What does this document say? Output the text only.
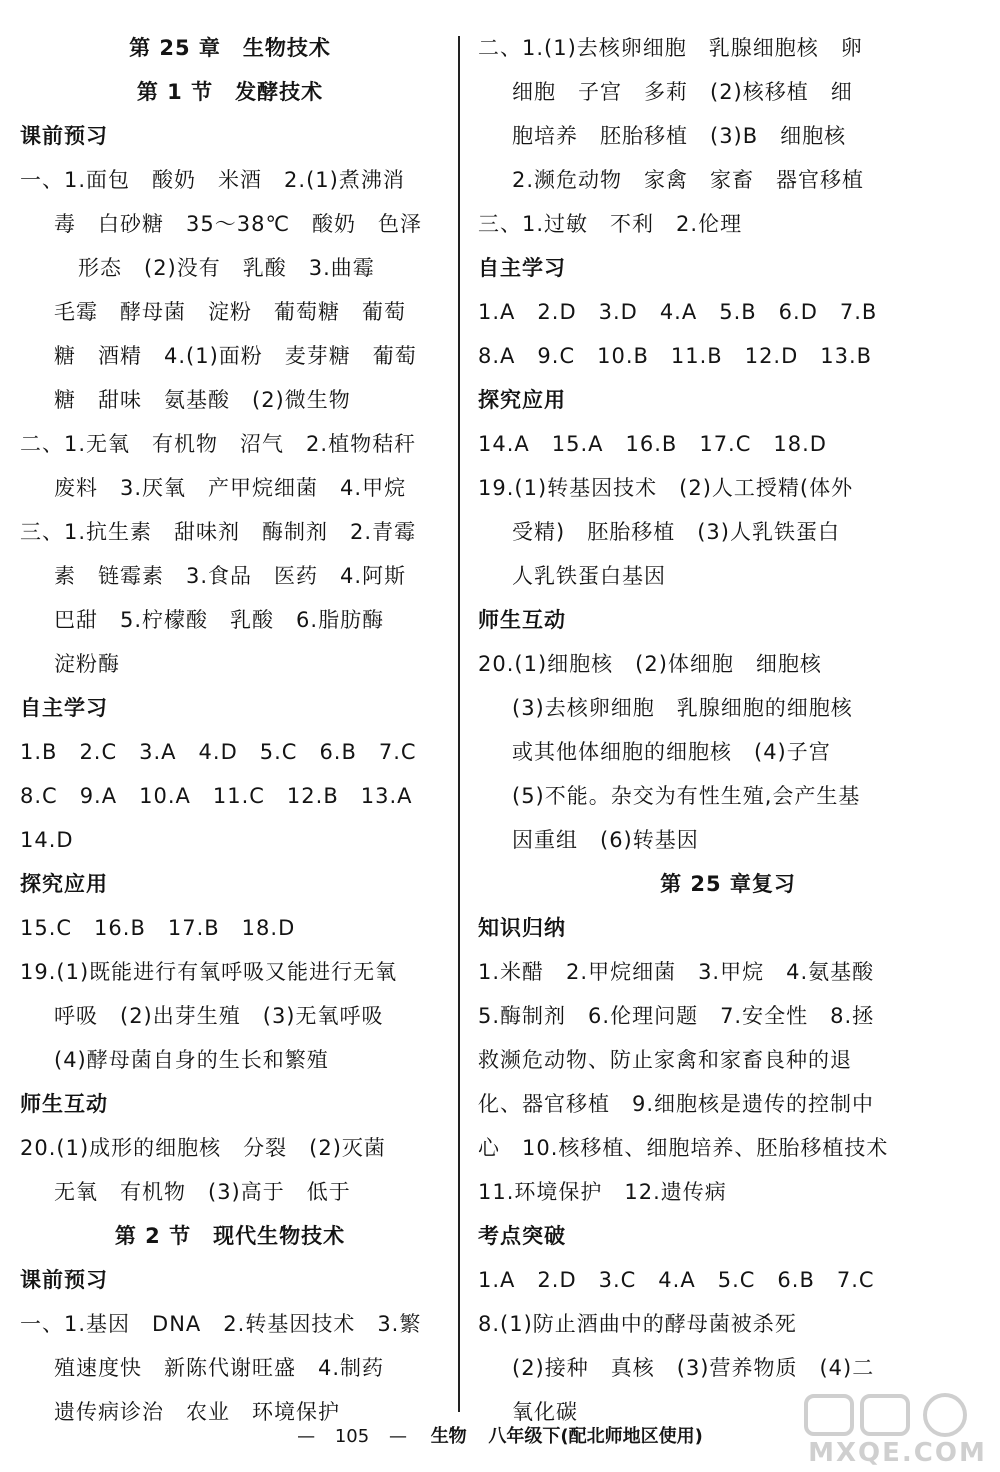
第 25 章　生物技术
第 1 节　发酵技术
课前预习
一、1.面包　酸奶　米酒　2.(1)煮沸消
毒　白砂糖　35～38℃　酸奶　色泽
形态　(2)没有　乳酸　3.曲霉
毛霉　酵母菌　淀粉　葡萄糖　葡萄
糖　酒精　4.(1)面粉　麦芽糖　葡萄
糖　甜味　氨基酸　(2)微生物
二、1.无氧　有机物　沼气　2.植物秸秆
废料　3.厌氧　产甲烷细菌　4.甲烷
三、1.抗生素　甜味剂　酶制剂　2.青霉
素　链霉素　3.食品　医药　4.阿斯
巴甜　5.柠檬酸　乳酸　6.脂肪酶
淀粉酶
自主学习
1.B　2.C　3.A　4.D　5.C　6.B　7.C
8.C　9.A　10.A　11.C　12.B　13.A
14.D
探究应用
15.C　16.B　17.B　18.D
19.(1)既能进行有氧呼吸又能进行无氧
呼吸　(2)出芽生殖　(3)无氧呼吸
(4)酵母菌自身的生长和繁殖
师生互动
20.(1)成形的细胞核　分裂　(2)灭菌
无氧　有机物　(3)高于　低于
第 2 节　现代生物技术
课前预习
一、1.基因　DNA　2.转基因技术　3.繁
殖速度快　新陈代谢旺盛　4.制药
遗传病诊治　农业　环境保护
二、1.(1)去核卵细胞　乳腺细胞核　卵
细胞　子宫　多莉　(2)核移植　细
胞培养　胚胎移植　(3)B　细胞核
2.濒危动物　家禽　家畜　器官移植
三、1.过敏　不利　2.伦理
自主学习
1.A　2.D　3.D　4.A　5.B　6.D　7.B
8.A　9.C　10.B　11.B　12.D　13.B
探究应用
14.A　15.A　16.B　17.C　18.D
19.(1)转基因技术　(2)人工授精(体外
受精)　胚胎移植　(3)人乳铁蛋白
人乳铁蛋白基因
师生互动
20.(1)细胞核　(2)体细胞　细胞核
(3)去核卵细胞　乳腺细胞的细胞核
或其他体细胞的细胞核　(4)子宫
(5)不能。杂交为有性生殖,会产生基
因重组　(6)转基因
第 25 章复习
知识归纳
1.米醋　2.甲烷细菌　3.甲烷　4.氨基酸
5.酶制剂　6.伦理问题　7.安全性　8.拯
救濒危动物、防止家禽和家畜良种的退
化、器官移植　9.细胞核是遗传的控制中
心　10.核移植、细胞培养、胚胎移植技术
11.环境保护　12.遗传病
考点突破
1.A　2.D　3.C　4.A　5.C　6.B　7.C
8.(1)防止酒曲中的酵母菌被杀死
(2)接种　真核　(3)营养物质　(4)二
氧化碳
— 105 — 生物 八年级下(配北师地区使用)
MXQE.COM
